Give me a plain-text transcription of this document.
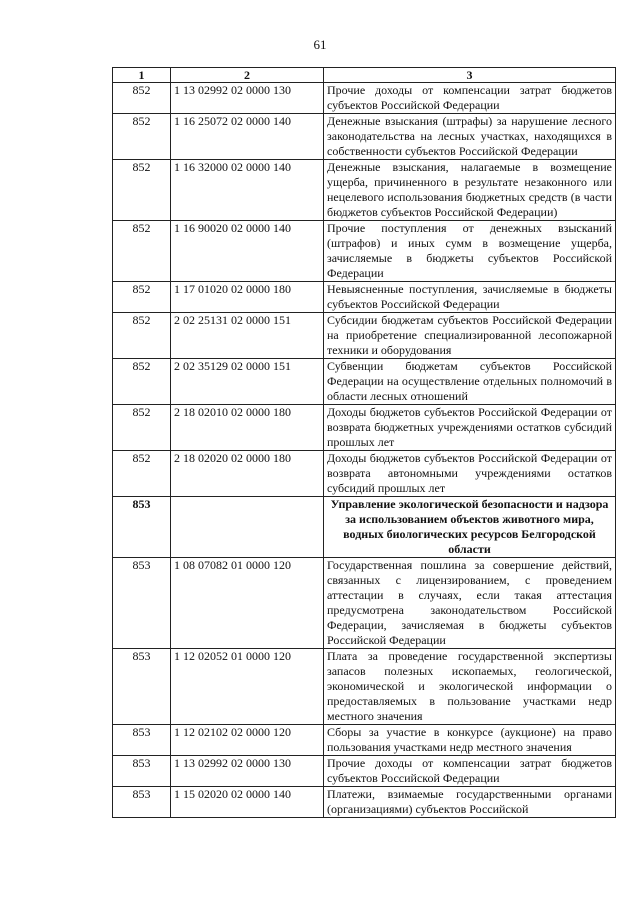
61
1	2	3
852	1 13 02992 02 0000 130	Прочие доходы от компенсации затрат бюджетов субъектов Российской Федерации
852	1 16 25072 02 0000 140	Денежные взыскания (штрафы) за нарушение лесного законодательства на лесных участках, находящихся в собственности субъектов Российской Федерации
852	1 16 32000 02 0000 140	Денежные взыскания, налагаемые в возмещение ущерба, причиненного в результате незаконного или нецелевого использования бюджетных средств (в части бюджетов субъектов Российской Федерации)
852	1 16 90020 02 0000 140	Прочие поступления от денежных взысканий (штрафов) и иных сумм в возмещение ущерба, зачисляемые в бюджеты субъектов Российской Федерации
852	1 17 01020 02 0000 180	Невыясненные поступления, зачисляемые в бюджеты субъектов Российской Федерации
852	2 02 25131 02 0000 151	Субсидии бюджетам субъектов Российской Федерации на приобретение специализированной лесопожарной техники и оборудования
852	2 02 35129 02 0000 151	Субвенции бюджетам субъектов Российской Федерации на осуществление отдельных полномочий в области лесных отношений
852	2 18 02010 02 0000 180	Доходы бюджетов субъектов Российской Федерации от возврата бюджетных учреждениями остатков субсидий прошлых лет
852	2 18 02020 02 0000 180	Доходы бюджетов субъектов Российской Федерации от возврата автономными учреждениями остатков субсидий прошлых лет
853		Управление экологической безопасности и надзора за использованием объектов животного мира, водных биологических ресурсов Белгородской области
853	1 08 07082 01 0000 120	Государственная пошлина за совершение действий, связанных с лицензированием, с проведением аттестации в случаях, если такая аттестация предусмотрена законодательством Российской Федерации, зачисляемая в бюджеты субъектов Российской Федерации
853	1 12 02052 01 0000 120	Плата за проведение государственной экспертизы запасов полезных ископаемых, геологической, экономической и экологической информации о предоставляемых в пользование участками недр местного значения
853	1 12 02102 02 0000 120	Сборы за участие в конкурсе (аукционе) на право пользования участками недр местного значения
853	1 13 02992 02 0000 130	Прочие доходы от компенсации затрат бюджетов субъектов Российской Федерации
853	1 15 02020 02 0000 140	Платежи, взимаемые государственными органами (организациями) субъектов Российской
